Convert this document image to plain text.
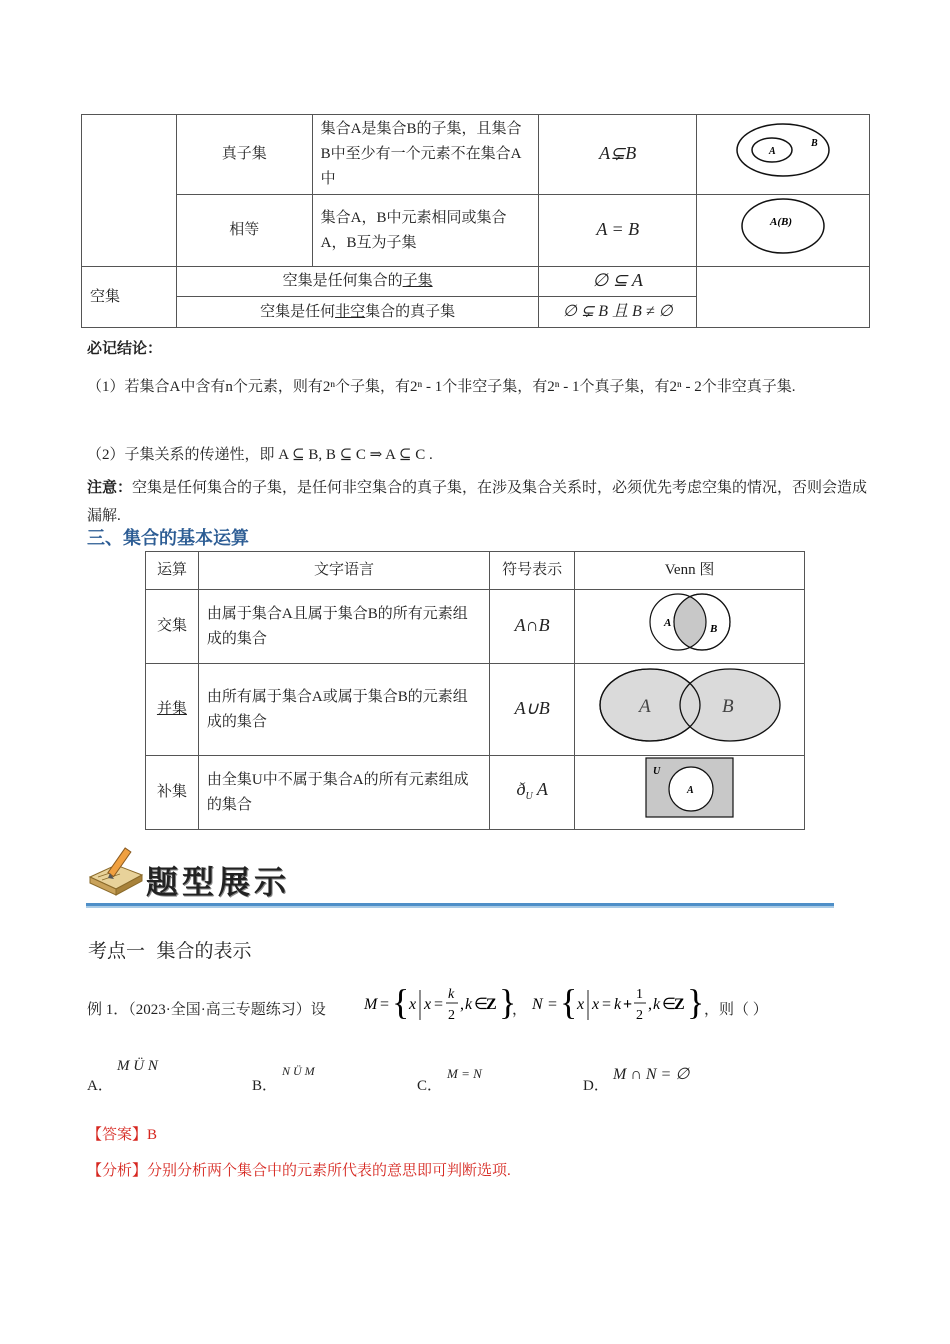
	真子集	集合A是集合B的子集，且集合B中至少有一个元素不在集合A中	A⊊B	A
B

	相等	集合A，B中元素相同或集合A，B互为子集	A = B	A(B)

空集	空集是任何集合的子集		∅ ⊆ A	
	空集是任何非空集合的真子集		∅ ⊊ B 且 B ≠ ∅	
必记结论：
（1）若集合A中含有n个元素，则有2ⁿ个子集，有2ⁿ - 1个非空子集，有2ⁿ - 1个真子集，有2ⁿ - 2个非空真子集.
（2）子集关系的传递性，即 A ⊆ B, B ⊆ C ⇒ A ⊆ C .
注意：空集是任何集合的子集，是任何非空集合的真子集，在涉及集合关系时，必须优先考虑空集的情况，否则会造成漏解.
三、集合的基本运算
运算	文字语言	符号表示	Venn 图
交集	由属于集合A且属于集合B的所有元素组成的集合	A∩B	A B

并集	由所有属于集合A或属于集合B的元素组成的集合	A∪B	A B

补集	由全集U中不属于集合A的所有元素组成的集合	$ð_U$ A	U
A
题型展示
考点一 集合的表示
例 1．（2023·全国·高三专题练习）设 M = { x x =
k
2
, k ∈
Z }
， N = { x x = k +
1
2
, k ∈
Z } ，则（ ）
A．
M Ü N
B．
N Ü M
C．
M = N
D．
M ∩ N = ∅
【答案】B
【分析】分别分析两个集合中的元素所代表的意思即可判断选项.
